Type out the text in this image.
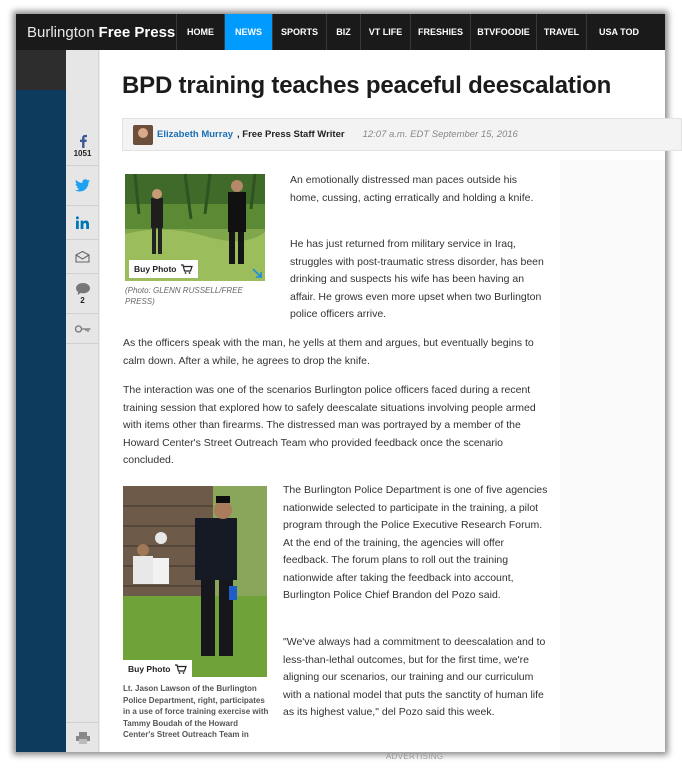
Burlington Free Press	HOME	NEWS	SPORTS	BIZ	VT LIFE	FRESHIES	BTVFOODIE	TRAVEL	USA TOD
1051
2
BPD training teaches peaceful deescalation
Elizabeth Murray , Free Press Staff Writer 12:07 a.m. EDT September 15, 2016
Buy Photo
(Photo: GLENN RUSSELL/FREE PRESS)
An emotionally distressed man paces outside his home, cussing, acting erratically and holding a knife.
He has just returned from military service in Iraq, struggles with post-traumatic stress disorder, has been drinking and suspects his wife has been having an affair. He grows even more upset when two Burlington police officers arrive.
As the officers speak with the man, he yells at them and argues, but eventually begins to calm down. After a while, he agrees to drop the knife.
The interaction was one of the scenarios Burlington police officers faced during a recent training session that explored how to safely deescalate situations involving people armed with items other than firearms. The distressed man was portrayed by a member of the Howard Center's Street Outreach Team who provided feedback once the scenario concluded.
Buy Photo
Lt. Jason Lawson of the Burlington Police Department, right, participates in a use of force training exercise with Tammy Boudah of the Howard Center's Street Outreach Team in
The Burlington Police Department is one of five agencies nationwide selected to participate in the training, a pilot program through the Police Executive Research Forum. At the end of the training, the agencies will offer feedback. The forum plans to roll out the training nationwide after taking the feedback into account, Burlington Police Chief Brandon del Pozo said.
"We've always had a commitment to deescalation and to less-than-lethal outcomes, but for the first time, we're aligning our scenarios, our training and our curriculum with a national model that puts the sanctity of human life as its highest value," del Pozo said this week.
ADVERTISING
